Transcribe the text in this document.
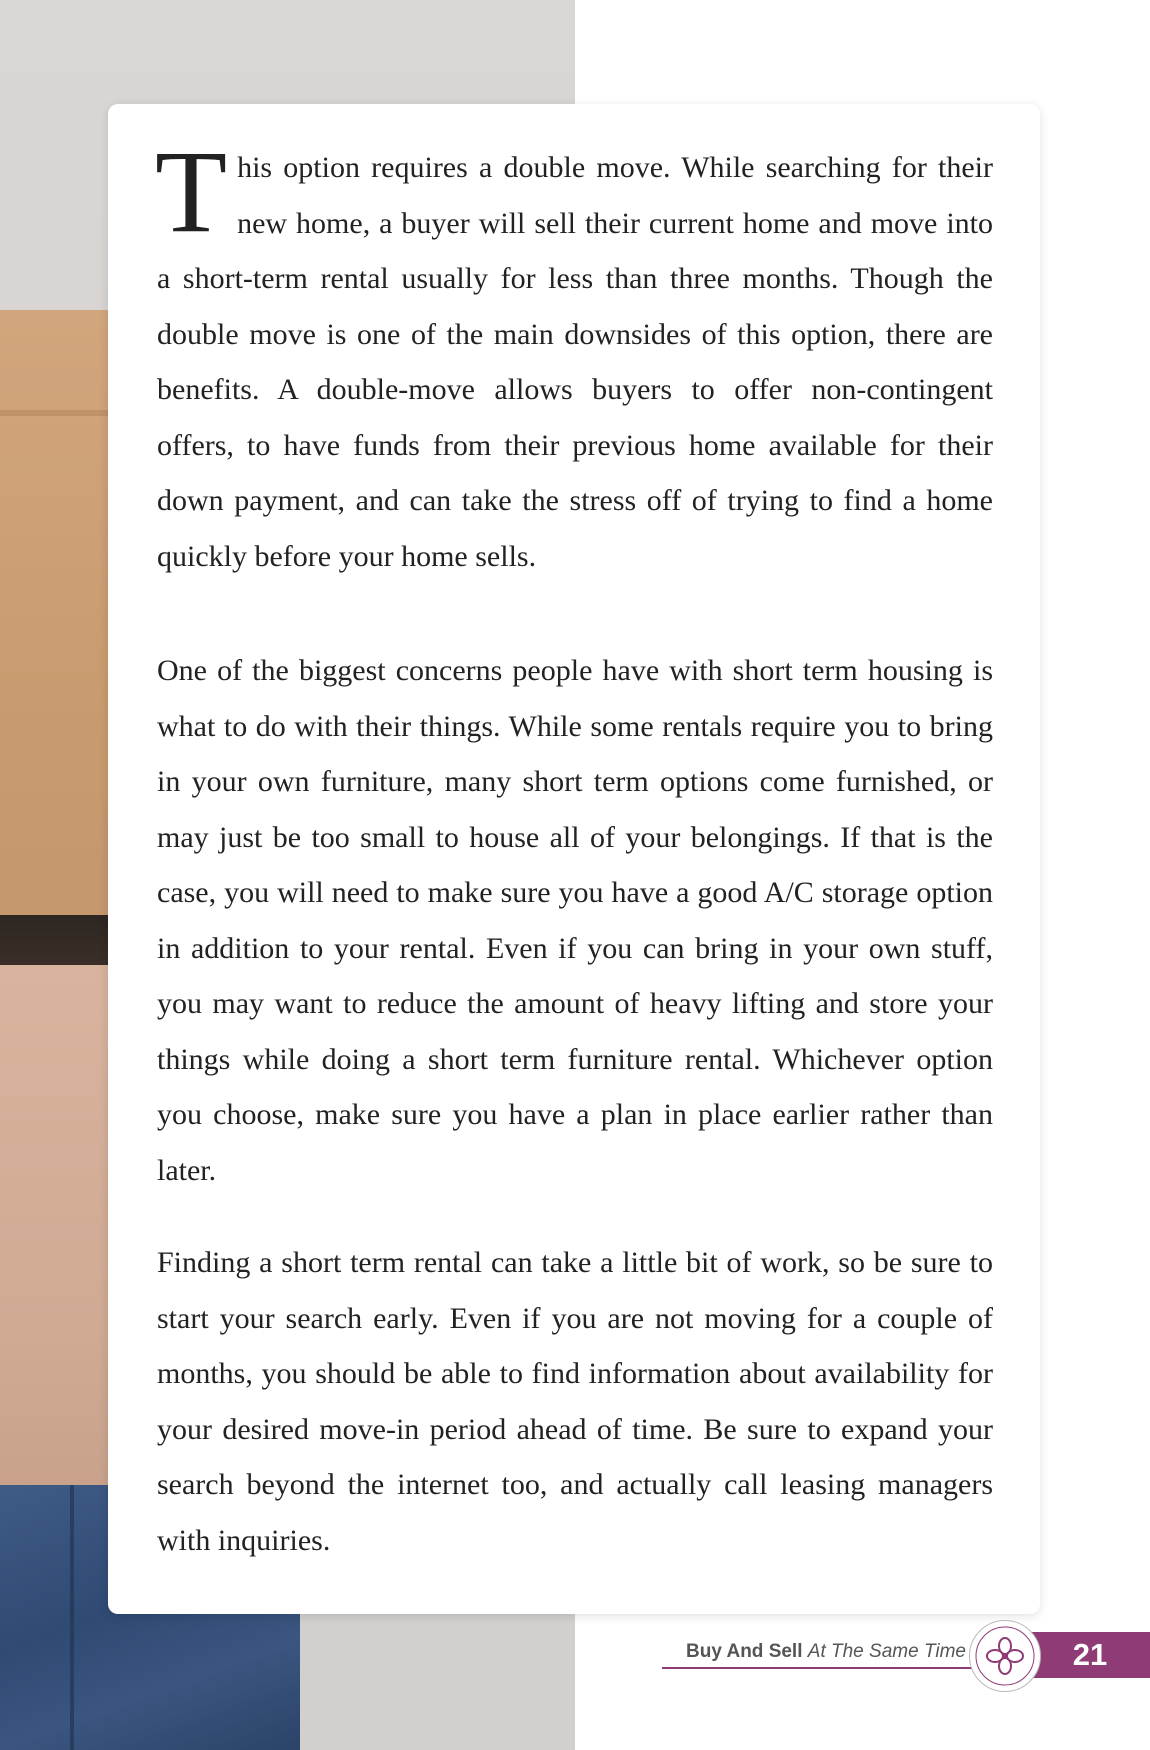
This option requires a double move. While searching for their new home, a buyer will sell their current home and move into a short-term rental usually for less than three months. Though the double move is one of the main downsides of this option, there are benefits. A double-move allows buyers to offer non-contingent offers, to have funds from their previous home available for their down payment, and can take the stress off of trying to find a home quickly before your home sells.
One of the biggest concerns people have with short term housing is what to do with their things. While some rentals require you to bring in your own furniture, many short term options come furnished, or may just be too small to house all of your belongings. If that is the case, you will need to make sure you have a good A/C storage option in addition to your rental. Even if you can bring in your own stuff, you may want to reduce the amount of heavy lifting and store your things while doing a short term furniture rental. Whichever option you choose, make sure you have a plan in place earlier rather than later.
Finding a short term rental can take a little bit of work, so be sure to start your search early. Even if you are not moving for a couple of months, you should be able to find information about availability for your desired move-in period ahead of time. Be sure to expand your search beyond the internet too, and actually call leasing managers with inquiries.
Buy And Sell At The Same Time	21
